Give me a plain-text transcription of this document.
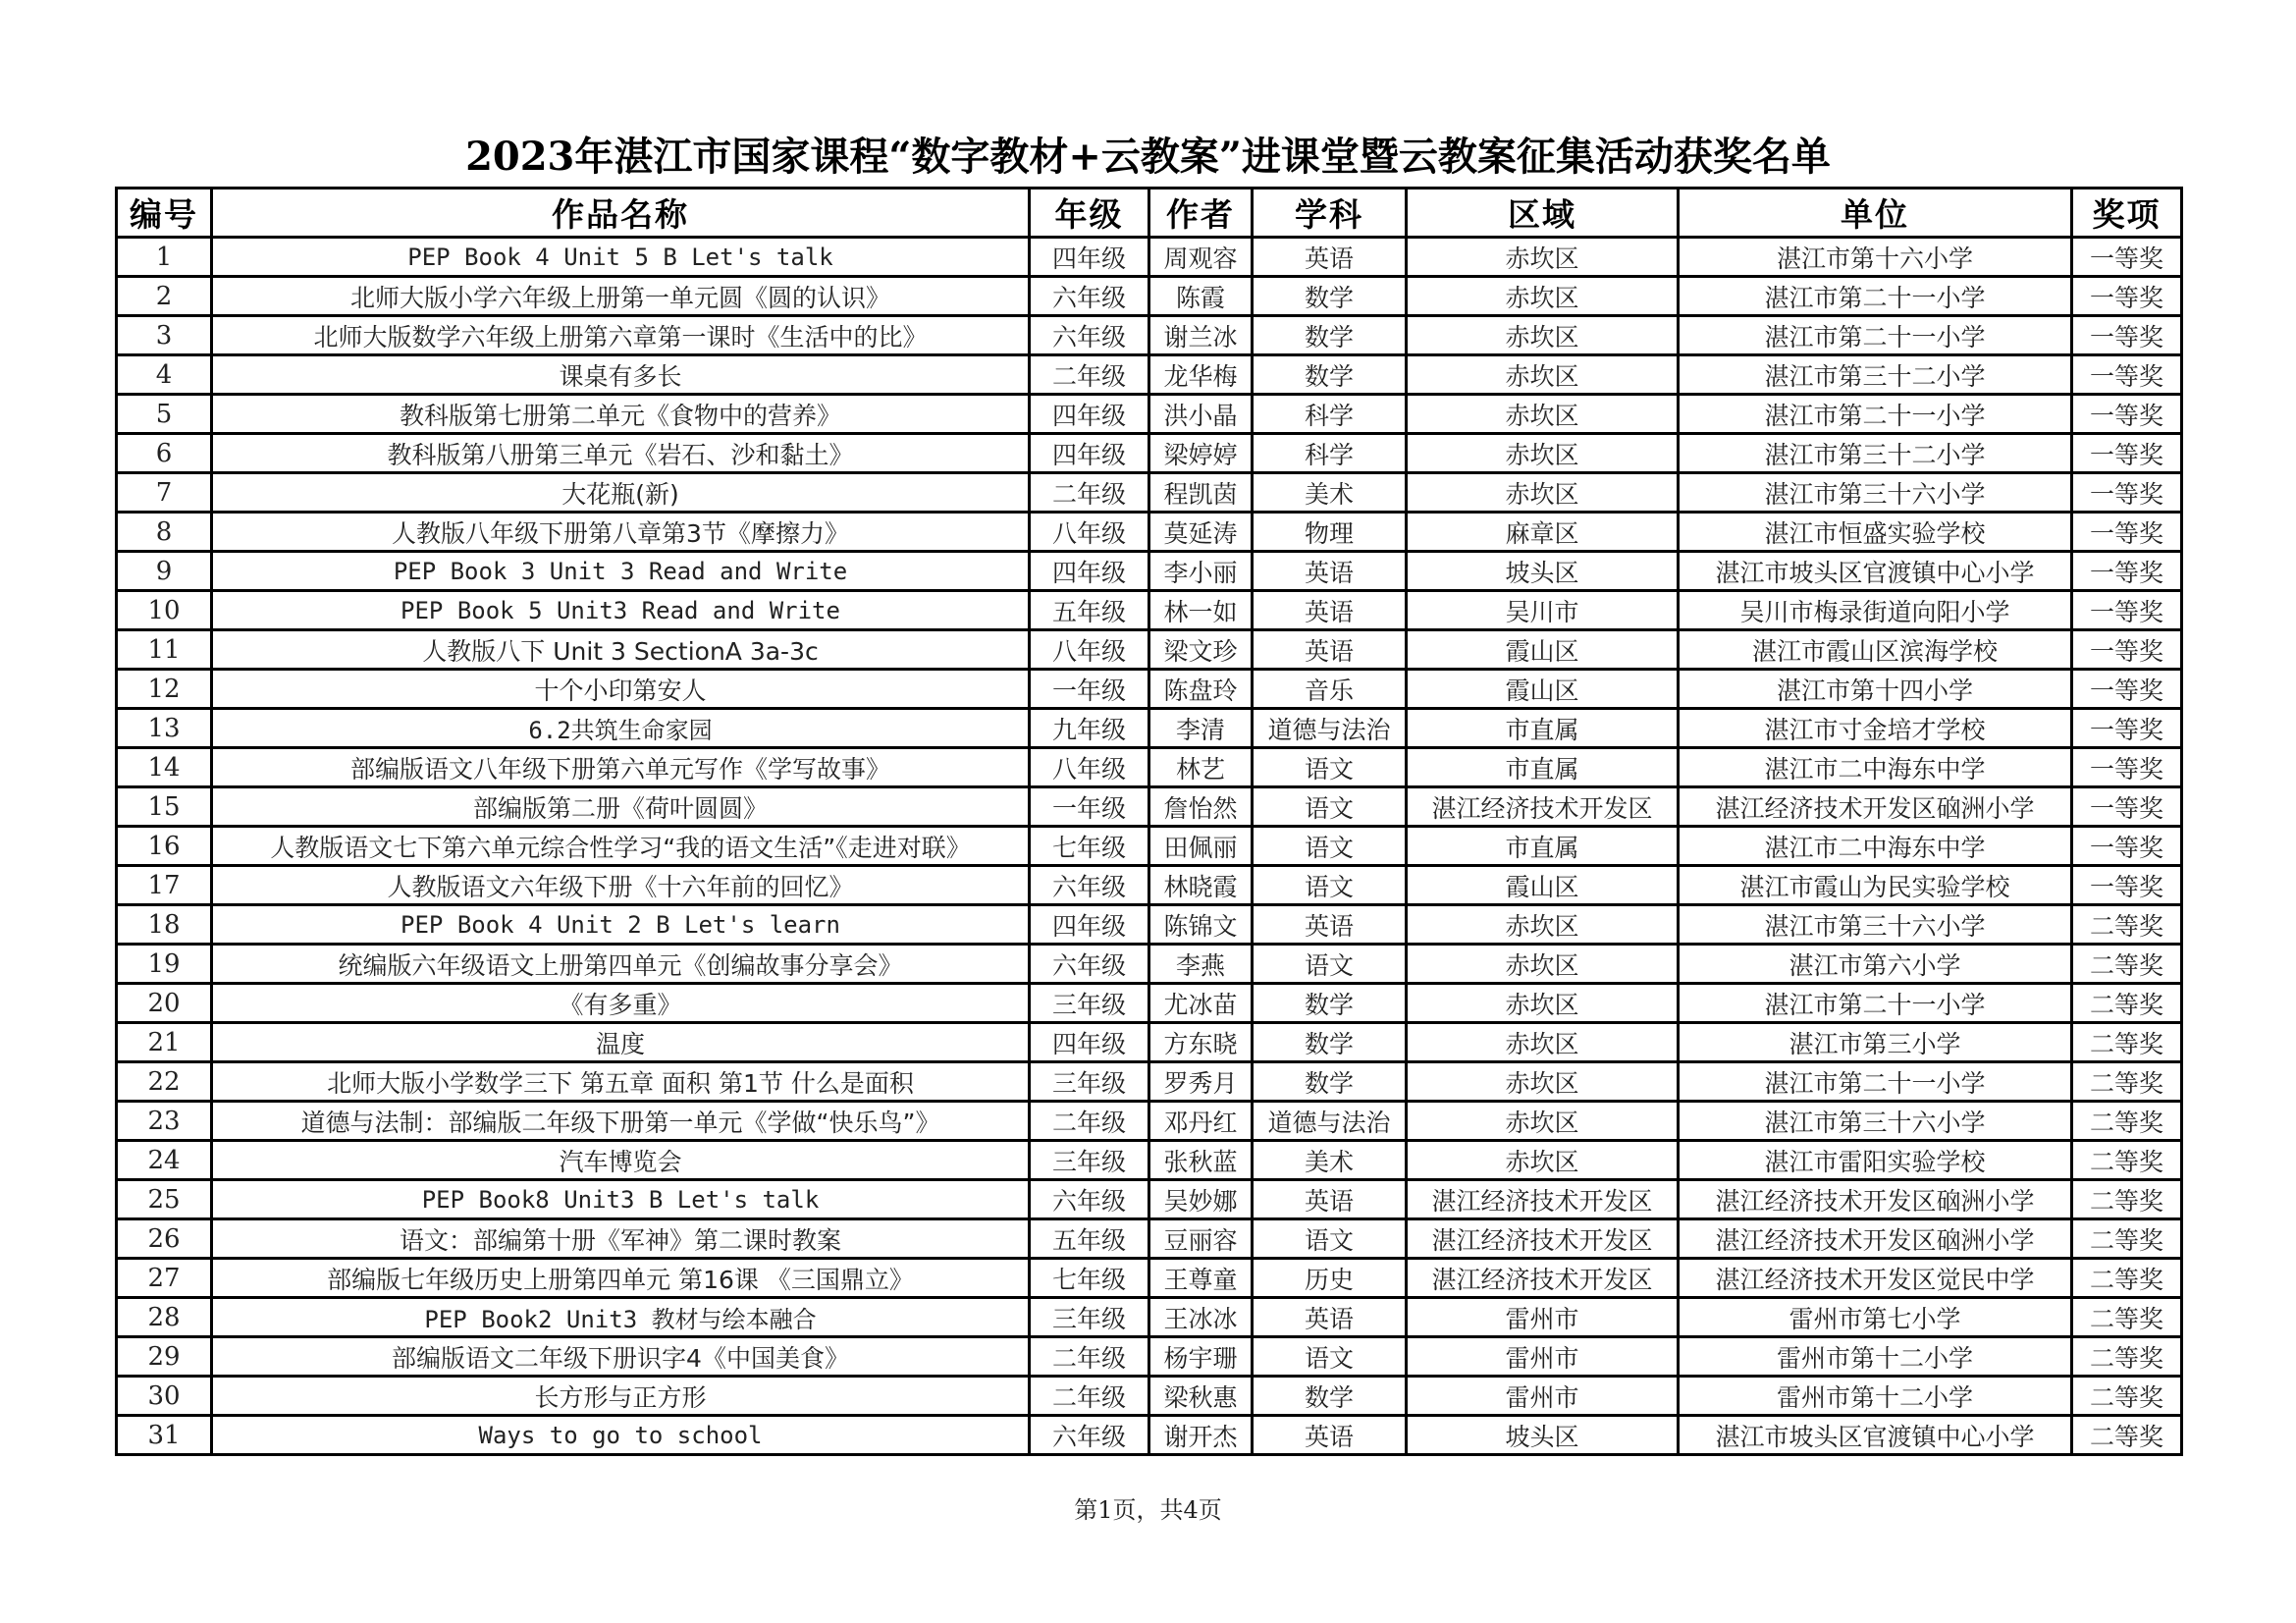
2023年湛江市国家课程“数字教材+云教案”进课堂暨云教案征集活动获奖名单
编号	作品名称	年级	作者	学科	区域	单位	奖项
1	PEP Book 4 Unit 5 B Let's talk	四年级	周观容	英语	赤坎区	湛江市第十六小学	一等奖
2	北师大版小学六年级上册第一单元圆《圆的认识》	六年级	陈霞	数学	赤坎区	湛江市第二十一小学	一等奖
3	北师大版数学六年级上册第六章第一课时《生活中的比》	六年级	谢兰冰	数学	赤坎区	湛江市第二十一小学	一等奖
4	课桌有多长	二年级	龙华梅	数学	赤坎区	湛江市第三十二小学	一等奖
5	教科版第七册第二单元《食物中的营养》	四年级	洪小晶	科学	赤坎区	湛江市第二十一小学	一等奖
6	教科版第八册第三单元《岩石、沙和黏土》	四年级	梁婷婷	科学	赤坎区	湛江市第三十二小学	一等奖
7	大花瓶(新)	二年级	程凯茵	美术	赤坎区	湛江市第三十六小学	一等奖
8	人教版八年级下册第八章第3节《摩擦力》	八年级	莫延涛	物理	麻章区	湛江市恒盛实验学校	一等奖
9	PEP Book 3 Unit 3 Read and Write	四年级	李小丽	英语	坡头区	湛江市坡头区官渡镇中心小学	一等奖
10	PEP Book 5 Unit3 Read and Write	五年级	林一如	英语	吴川市	吴川市梅录街道向阳小学	一等奖
11	人教版八下 Unit 3 SectionA 3a-3c	八年级	梁文珍	英语	霞山区	湛江市霞山区滨海学校	一等奖
12	十个小印第安人	一年级	陈盘玲	音乐	霞山区	湛江市第十四小学	一等奖
13	6.2共筑生命家园	九年级	李清	道德与法治	市直属	湛江市寸金培才学校	一等奖
14	部编版语文八年级下册第六单元写作《学写故事》	八年级	林艺	语文	市直属	湛江市二中海东中学	一等奖
15	部编版第二册《荷叶圆圆》	一年级	詹怡然	语文	湛江经济技术开发区	湛江经济技术开发区硇洲小学	一等奖
16	人教版语文七下第六单元综合性学习“我的语文生活”《走进对联》	七年级	田佩丽	语文	市直属	湛江市二中海东中学	一等奖
17	人教版语文六年级下册《十六年前的回忆》	六年级	林晓霞	语文	霞山区	湛江市霞山为民实验学校	一等奖
18	PEP Book 4 Unit 2 B Let's learn	四年级	陈锦文	英语	赤坎区	湛江市第三十六小学	二等奖
19	统编版六年级语文上册第四单元《创编故事分享会》	六年级	李燕	语文	赤坎区	湛江市第六小学	二等奖
20	《有多重》	三年级	尤冰苗	数学	赤坎区	湛江市第二十一小学	二等奖
21	温度	四年级	方东晓	数学	赤坎区	湛江市第三小学	二等奖
22	北师大版小学数学三下 第五章 面积 第1节 什么是面积	三年级	罗秀月	数学	赤坎区	湛江市第二十一小学	二等奖
23	道德与法制：部编版二年级下册第一单元《学做“快乐鸟”》	二年级	邓丹红	道德与法治	赤坎区	湛江市第三十六小学	二等奖
24	汽车博览会	三年级	张秋蓝	美术	赤坎区	湛江市雷阳实验学校	二等奖
25	PEP Book8 Unit3 B Let's talk	六年级	吴妙娜	英语	湛江经济技术开发区	湛江经济技术开发区硇洲小学	二等奖
26	语文：部编第十册《军神》第二课时教案	五年级	豆丽容	语文	湛江经济技术开发区	湛江经济技术开发区硇洲小学	二等奖
27	部编版七年级历史上册第四单元 第16课 《三国鼎立》	七年级	王尊童	历史	湛江经济技术开发区	湛江经济技术开发区觉民中学	二等奖
28	PEP Book2 Unit3 教材与绘本融合	三年级	王冰冰	英语	雷州市	雷州市第七小学	二等奖
29	部编版语文二年级下册识字4《中国美食》	二年级	杨宇珊	语文	雷州市	雷州市第十二小学	二等奖
30	长方形与正方形	二年级	梁秋惠	数学	雷州市	雷州市第十二小学	二等奖
31	Ways to go to school	六年级	谢开杰	英语	坡头区	湛江市坡头区官渡镇中心小学	二等奖
第1页，共4页
